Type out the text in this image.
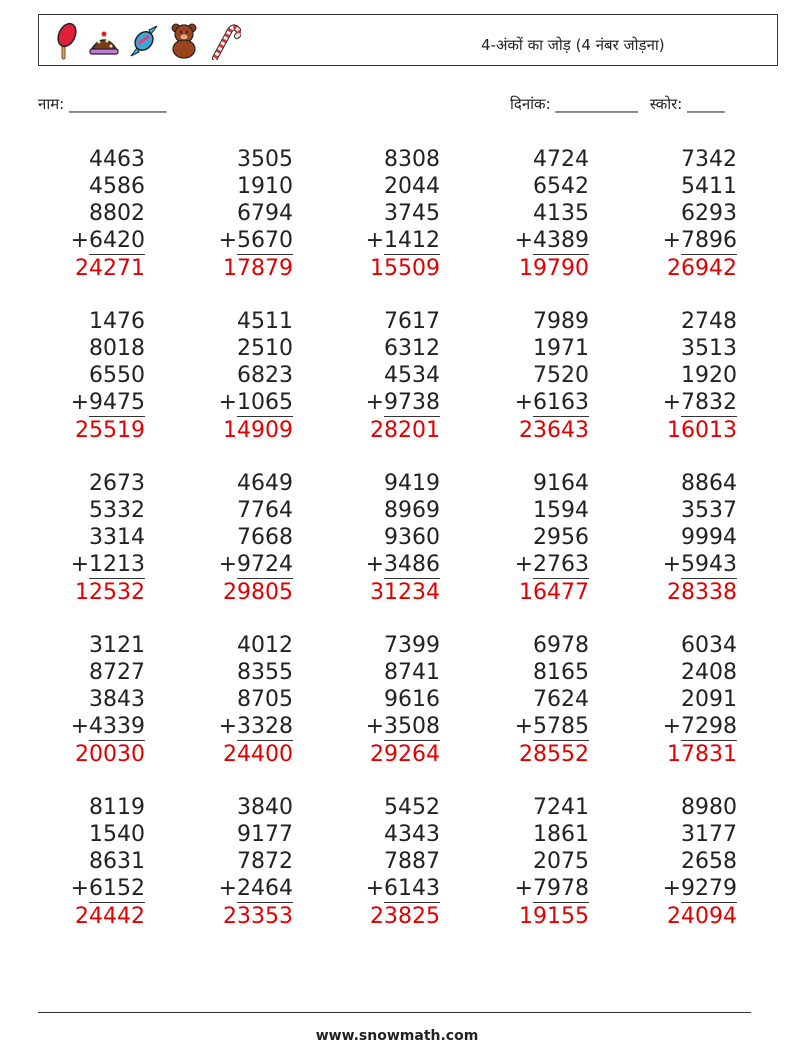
4-अंकों का जोड़ (4 नंबर जोड़ना)
नाम: _____________	दिनांक: ___________ स्कोर: _____
4463
4586
8802
+6420
24271
3505
1910
6794
+5670
17879
8308
2044
3745
+1412
15509
4724
6542
4135
+4389
19790
7342
5411
6293
+7896
26942
1476
8018
6550
+9475
25519
4511
2510
6823
+1065
14909
7617
6312
4534
+9738
28201
7989
1971
7520
+6163
23643
2748
3513
1920
+7832
16013
2673
5332
3314
+1213
12532
4649
7764
7668
+9724
29805
9419
8969
9360
+3486
31234
9164
1594
2956
+2763
16477
8864
3537
9994
+5943
28338
3121
8727
3843
+4339
20030
4012
8355
8705
+3328
24400
7399
8741
9616
+3508
29264
6978
8165
7624
+5785
28552
6034
2408
2091
+7298
17831
8119
1540
8631
+6152
24442
3840
9177
7872
+2464
23353
5452
4343
7887
+6143
23825
7241
1861
2075
+7978
19155
8980
3177
2658
+9279
24094
www.snowmath.com
